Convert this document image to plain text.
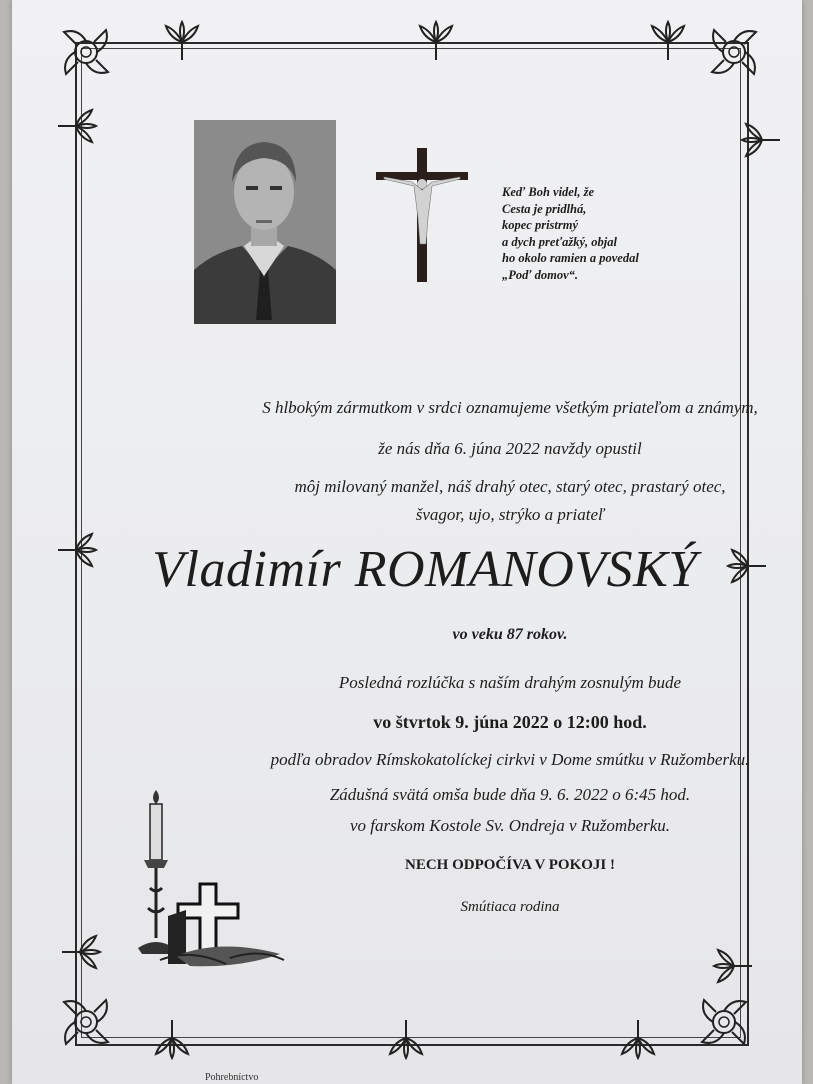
Keď Boh videl, že
Cesta je pridlhá,
kopec pristrmý
a dych preťažký, objal
ho okolo ramien a povedal
„Poď domov“.
S hlbokým zármutkom v srdci oznamujeme všetkým priateľom a známym,
že nás dňa 6. júna 2022 navždy opustil
môj milovaný manžel, náš drahý otec, starý otec, prastarý otec,
švagor, ujo, strýko a priateľ
Vladimír ROMANOVSKÝ
vo veku 87 rokov.
Posledná rozlúčka s naším drahým zosnulým bude
vo štvrtok 9. júna 2022 o 12:00 hod.
podľa obradov Rímskokatolíckej cirkvi v Dome smútku v Ružomberku.
Zádušná svätá omša bude dňa 9. 6. 2022 o 6:45 hod.
vo farskom Kostole Sv. Ondreja v Ružomberku.
NECH ODPOČÍVA V POKOJI !
Smútiaca rodina
Pohrebníctvo
